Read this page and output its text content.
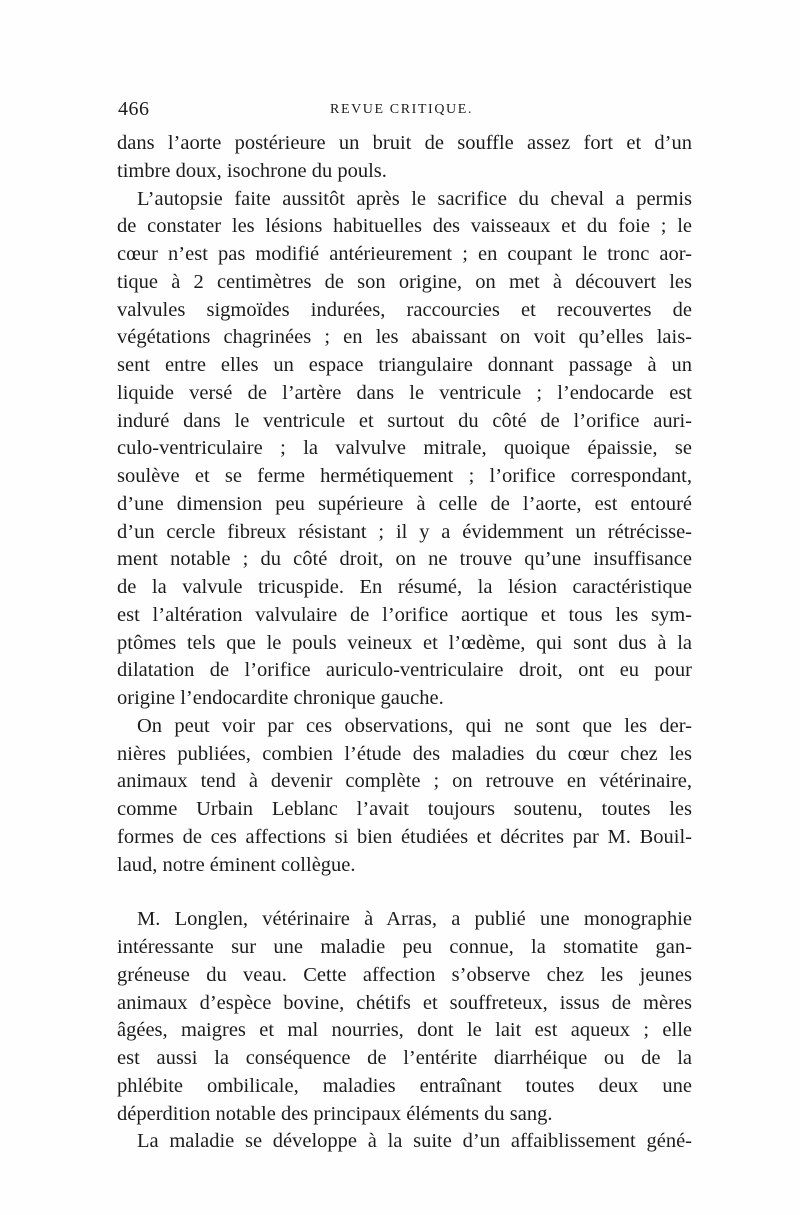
466	REVUE CRITIQUE.

dans l’aorte postérieure un bruit de souffle assez fort et d’un
timbre doux, isochrone du pouls.

L’autopsie faite aussitôt après le sacrifice du cheval a permis
de constater les lésions habituelles des vaisseaux et du foie ; le
cœur n’est pas modifié antérieurement ; en coupant le tronc aor-
tique à 2 centimètres de son origine, on met à découvert les
valvules sigmoïdes indurées, raccourcies et recouvertes de
végétations chagrinées ; en les abaissant on voit qu’elles lais-
sent entre elles un espace triangulaire donnant passage à un
liquide versé de l’artère dans le ventricule ; l’endocarde est
induré dans le ventricule et surtout du côté de l’orifice auri-
culo-ventriculaire ; la valvulve mitrale, quoique épaissie, se
soulève et se ferme hermétiquement ; l’orifice correspondant,
d’une dimension peu supérieure à celle de l’aorte, est entouré
d’un cercle fibreux résistant ; il y a évidemment un rétrécisse-
ment notable ; du côté droit, on ne trouve qu’une insuffisance
de la valvule tricuspide. En résumé, la lésion caractéristique
est l’altération valvulaire de l’orifice aortique et tous les sym-
ptômes tels que le pouls veineux et l’œdème, qui sont dus à la
dilatation de l’orifice auriculo-ventriculaire droit, ont eu pour
origine l’endocardite chronique gauche.

On peut voir par ces observations, qui ne sont que les der-
nières publiées, combien l’étude des maladies du cœur chez les
animaux tend à devenir complète ; on retrouve en vétérinaire,
comme Urbain Leblanc l’avait toujours soutenu, toutes les
formes de ces affections si bien étudiées et décrites par M. Bouil-
laud, notre éminent collègue.

M. Longlen, vétérinaire à Arras, a publié une monographie
intéressante sur une maladie peu connue, la stomatite gan-
gréneuse du veau. Cette affection s’observe chez les jeunes
animaux d’espèce bovine, chétifs et souffreteux, issus de mères
âgées, maigres et mal nourries, dont le lait est aqueux ; elle
est aussi la conséquence de l’entérite diarrhéique ou de la
phlébite ombilicale, maladies entraînant toutes deux une
déperdition notable des principaux éléments du sang.

La maladie se développe à la suite d’un affaiblissement géné-
